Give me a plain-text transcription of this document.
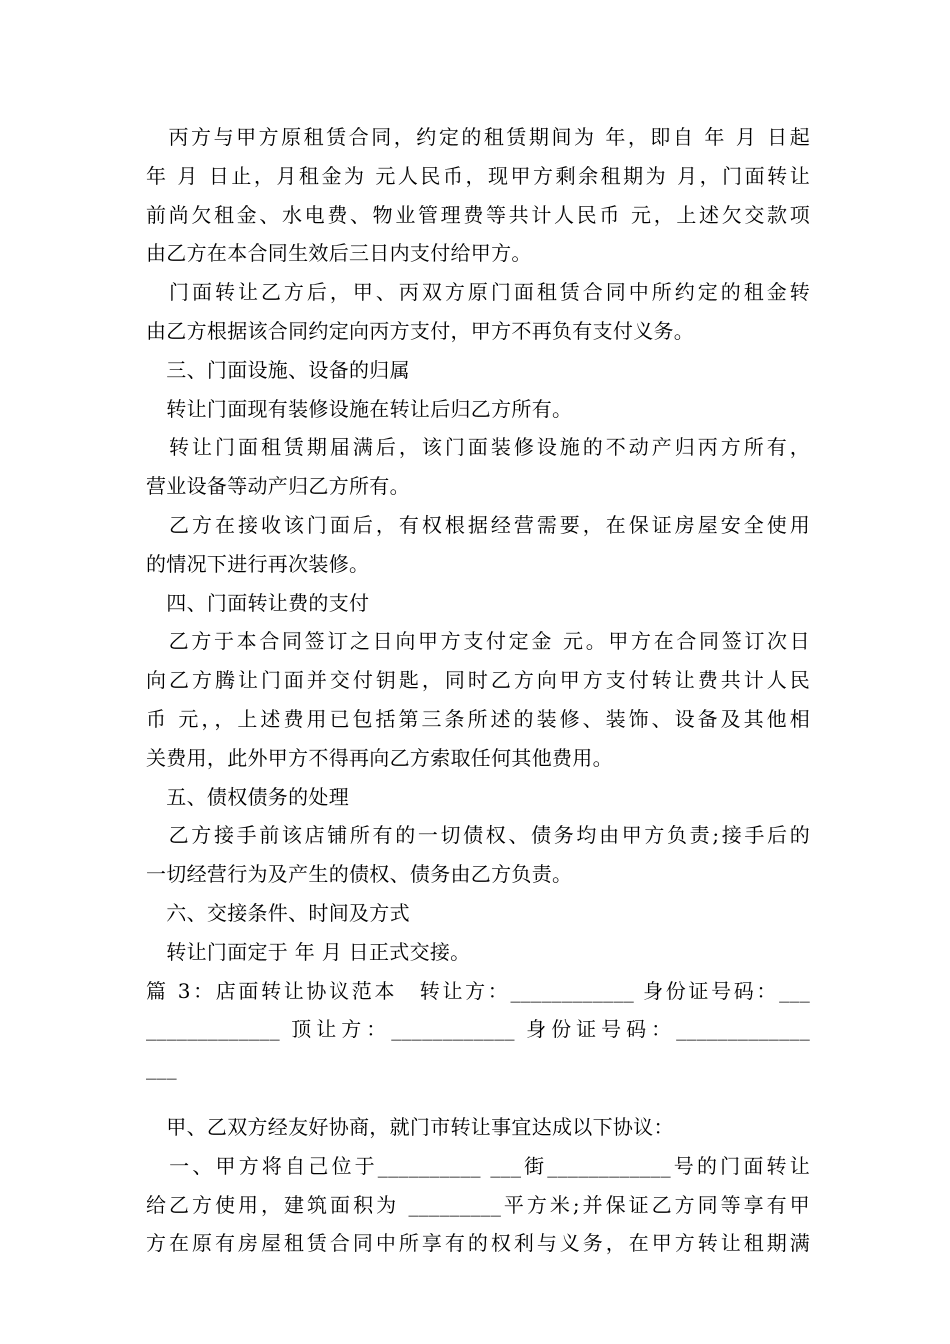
　丙方与甲方原租赁合同，约定的租赁期间为 年，即自 年 月 日起
年 月 日止，月租金为 元人民币，现甲方剩余租期为 月，门面转让
前尚欠租金、水电费、物业管理费等共计人民币 元，上述欠交款项
由乙方在本合同生效后三日内支付给甲方。
　门面转让乙方后，甲、丙双方原门面租赁合同中所约定的租金转
由乙方根据该合同约定向丙方支付，甲方不再负有支付义务。
　三、门面设施、设备的归属
　转让门面现有装修设施在转让后归乙方所有。
　转让门面租赁期届满后，该门面装修设施的不动产归丙方所有，
营业设备等动产归乙方所有。
　乙方在接收该门面后，有权根据经营需要，在保证房屋安全使用
的情况下进行再次装修。
　四、门面转让费的支付
　乙方于本合同签订之日向甲方支付定金 元。甲方在合同签订次日
向乙方腾让门面并交付钥匙，同时乙方向甲方支付转让费共计人民
币 元，，上述费用已包括第三条所述的装修、装饰、设备及其他相
关费用，此外甲方不得再向乙方索取任何其他费用。
　五、债权债务的处理
　乙方接手前该店铺所有的一切债权、债务均由甲方负责;接手后的
一切经营行为及产生的债权、债务由乙方负责。
　六、交接条件、时间及方式
　转让门面定于 年 月 日正式交接。
篇 3：店面转让协议范本　转让方：____________ 身份证号码：___
_____________ 顶让方：____________ 身份证号码：_____________
___
　甲、乙双方经友好协商，就门市转让事宜达成以下协议：
　一、甲方将自己位于__________ ___街____________号的门面转让
给乙方使用，建筑面积为 _________平方米;并保证乙方同等享有甲
方在原有房屋租赁合同中所享有的权利与义务，在甲方转让租期满
